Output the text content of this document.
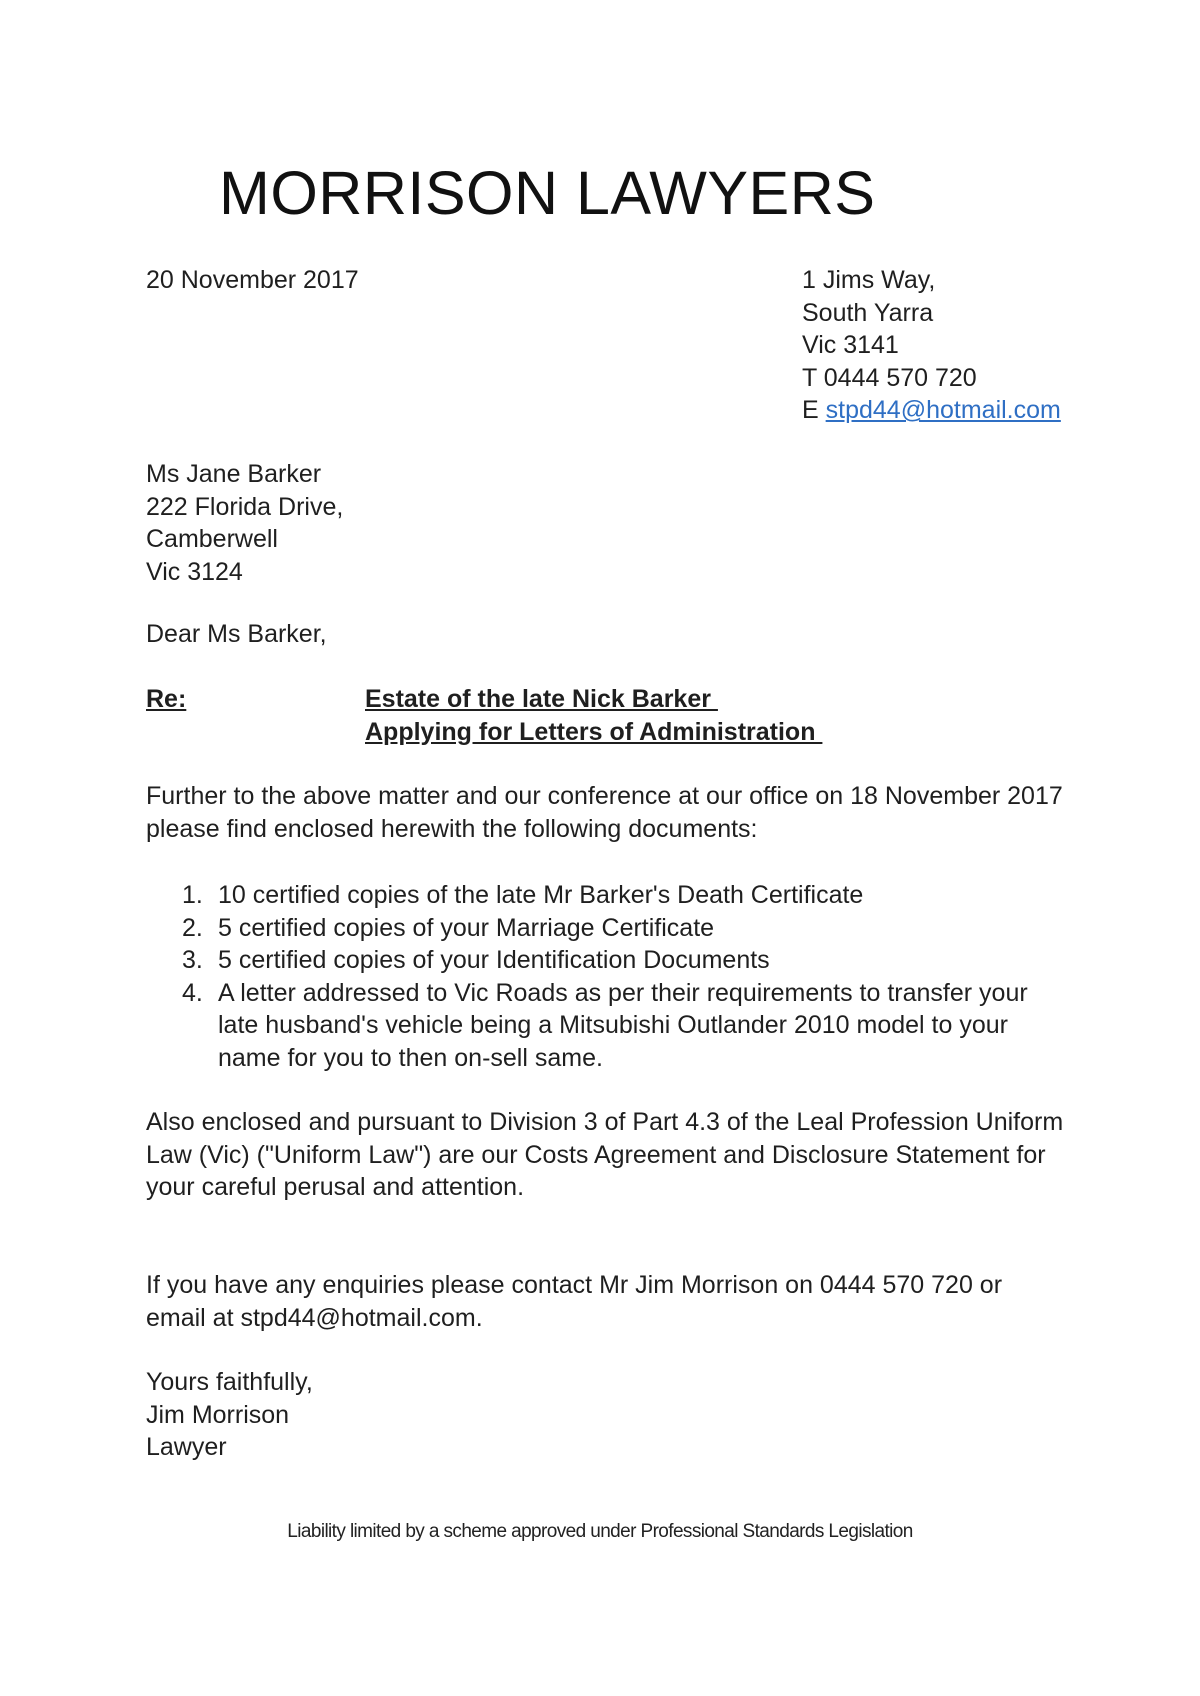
MORRISON LAWYERS
20 November 2017	1 Jims Way,
South Yarra
Vic 3141
T 0444 570 720
E stpd44@hotmail.com
Ms Jane Barker
222 Florida Drive,
Camberwell
Vic 3124
Dear Ms Barker,
Re:	Estate of the late Nick Barker
Applying for Letters of Administration
Further to the above matter and our conference at our office on 18 November 2017 please find enclosed herewith the following documents:
1. 10 certified copies of the late Mr Barker's Death Certificate
2. 5 certified copies of your Marriage Certificate
3. 5 certified copies of your Identification Documents
4. A letter addressed to Vic Roads as per their requirements to transfer your late husband's vehicle being a Mitsubishi Outlander 2010 model to your name for you to then on-sell same.
Also enclosed and pursuant to Division 3 of Part 4.3 of the Leal Profession Uniform Law (Vic) ("Uniform Law") are our Costs Agreement and Disclosure Statement for your careful perusal and attention.
If you have any enquiries please contact Mr Jim Morrison on 0444 570 720 or email at stpd44@hotmail.com.
Yours faithfully,
Jim Morrison
Lawyer
Liability limited by a scheme approved under Professional Standards Legislation
